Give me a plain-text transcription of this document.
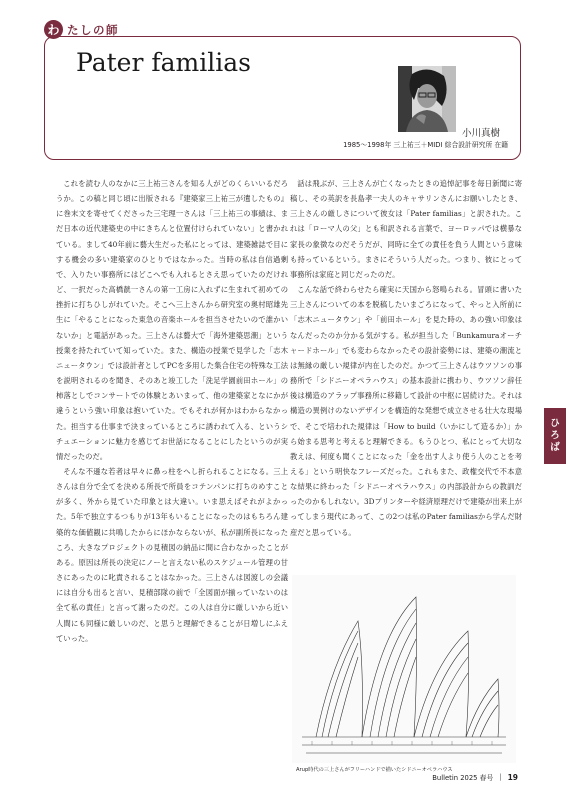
わ たしの師
Pater familias
小川真樹
1985〜1998年 三上祐三＋MIDI 綜合設計研究所 在籍

これを読む人のなかに三上祐三さんを知る人がどのくらいいるだろうか。この稿と同じ頃に出版される『建築家三上祐三が遺したもの』に巻末文を寄せてくださった三宅理一さんは「三上祐三の事績は、まだ日本の近代建築史の中にきちんと位置付けられていない」と書かれている。まして40年前に藝大生だった私にとっては、建築雑誌で目にする機会の多い建築家のひとりではなかった。当時の私は自信過剰で、入りたい事務所にはどこへでも入れるとさえ思っていたのだけれど、一択だった高橋靗一さんの第一工房に入れずに生まれて初めての挫折に打ちひしがれていた。そこへ三上さんから研究室の奥村昭雄先生に「やることになった東急の音楽ホールを担当させたいので誰かいないか」と電話があった。三上さんは藝大で「海外建築思潮」という授業を持たれていて知っていた。また、構造の授業で見学した「志木ニュータウン」では設計者としてPCを多用した集合住宅の特殊な工法を説明されるのを聞き、そのあと竣工した「洗足学園前田ホール」の柿落としでコンサートでの体験とあいまって、他の建築家となにかが違うという強い印象は抱いていた。でもそれが何かはわからなかった。担当する仕事まで決まっているところに誘われて入る、というシチュエーションに魅力を感じてお世話になることにしたというのが実情だったのだ。

そんな不遜な若者は早々に鼻っ柱をへし折られることになる。三上さんは自分で全てを決める所長で所員をコテンパンに打ちのめすことが多く、外から見ていた印象とは大違い。いま思えばそれがよかった。5年で独立するつもりが13年もいることになったのはもちろん建築的な価値観に共鳴したからにほかならないが、私が副所長になったころ、大きなプロジェクトの見積図の納品に間に合わなかったことがある。原因は所長の決定にノーと言えない私のスケジュール管理の甘さにあったのに叱責されることはなかった。三上さんは図渡しの会議には自分も出ると言い、見積部隊の前で「全図面が揃っていないのは全て私の責任」と言って謝ったのだ。この人は自分に厳しいから近い人間にも同様に厳しいのだ、と思うと理解できることが日増しにふえていった。

話は飛ぶが、三上さんが亡くなったときの追悼記事を毎日新聞に寄稿し、その英訳を長島孝一夫人のキャサリンさんにお願いしたとき、三上さんの厳しさについて彼女は「Pater familias」と訳された。これは「ローマ人の父」とも和訳される言葉で、ヨーロッパでは横暴な家長の象徴なのだそうだが、同時に全ての責任を負う人間という意味も持っているという。まさにそういう人だった。つまり、彼にとって事務所は家庭と同じだったのだ。

こんな話で終わらせたら確実に天国から怒鳴られる。冒頭に書いた三上さんについての本を脱稿したいまごろになって、やっと入所前に「志木ニュータウン」や「前田ホール」を見た時の、あの強い印象はなんだったのか分かる気がする。私が担当した「Bunkamuraオーチャードホール」でも変わらなかったその設計姿勢には、建築の潮流とは無縁の厳しい規律が内在したのだ。かつて三上さんはウツソンの事務所で「シドニーオペラハウス」の基本設計に携わり、ウツソン辞任後は構造のアラップ事務所に移籍して設計の中枢に居続けた。それは構造の異例けのないデザインを構造的な発想で成立させる壮大な現場で、そこで培われた規律は「How to build（いかにして造るか）」から始まる思考と考えると理解できる。もうひとつ、私にとって大切な教えは、何度も聞くことになった「金を出す人より使う人のことを考える」という明快なフレーズだった。これもまた、政権交代で不本意な結果に終わった「シドニーオペラハウス」の内部設計からの教訓だったのかもしれない。3Dプリンターや経済原理だけで建築が出来上がってしまう現代にあって、この2つは私のPater familiasから学んだ財産だと思っている。

Arup時代の三上さんがフリーハンドで描いたシドニーオペラハウス
ひ
ろ
ば
Bulletin 2025 春号 | 19
